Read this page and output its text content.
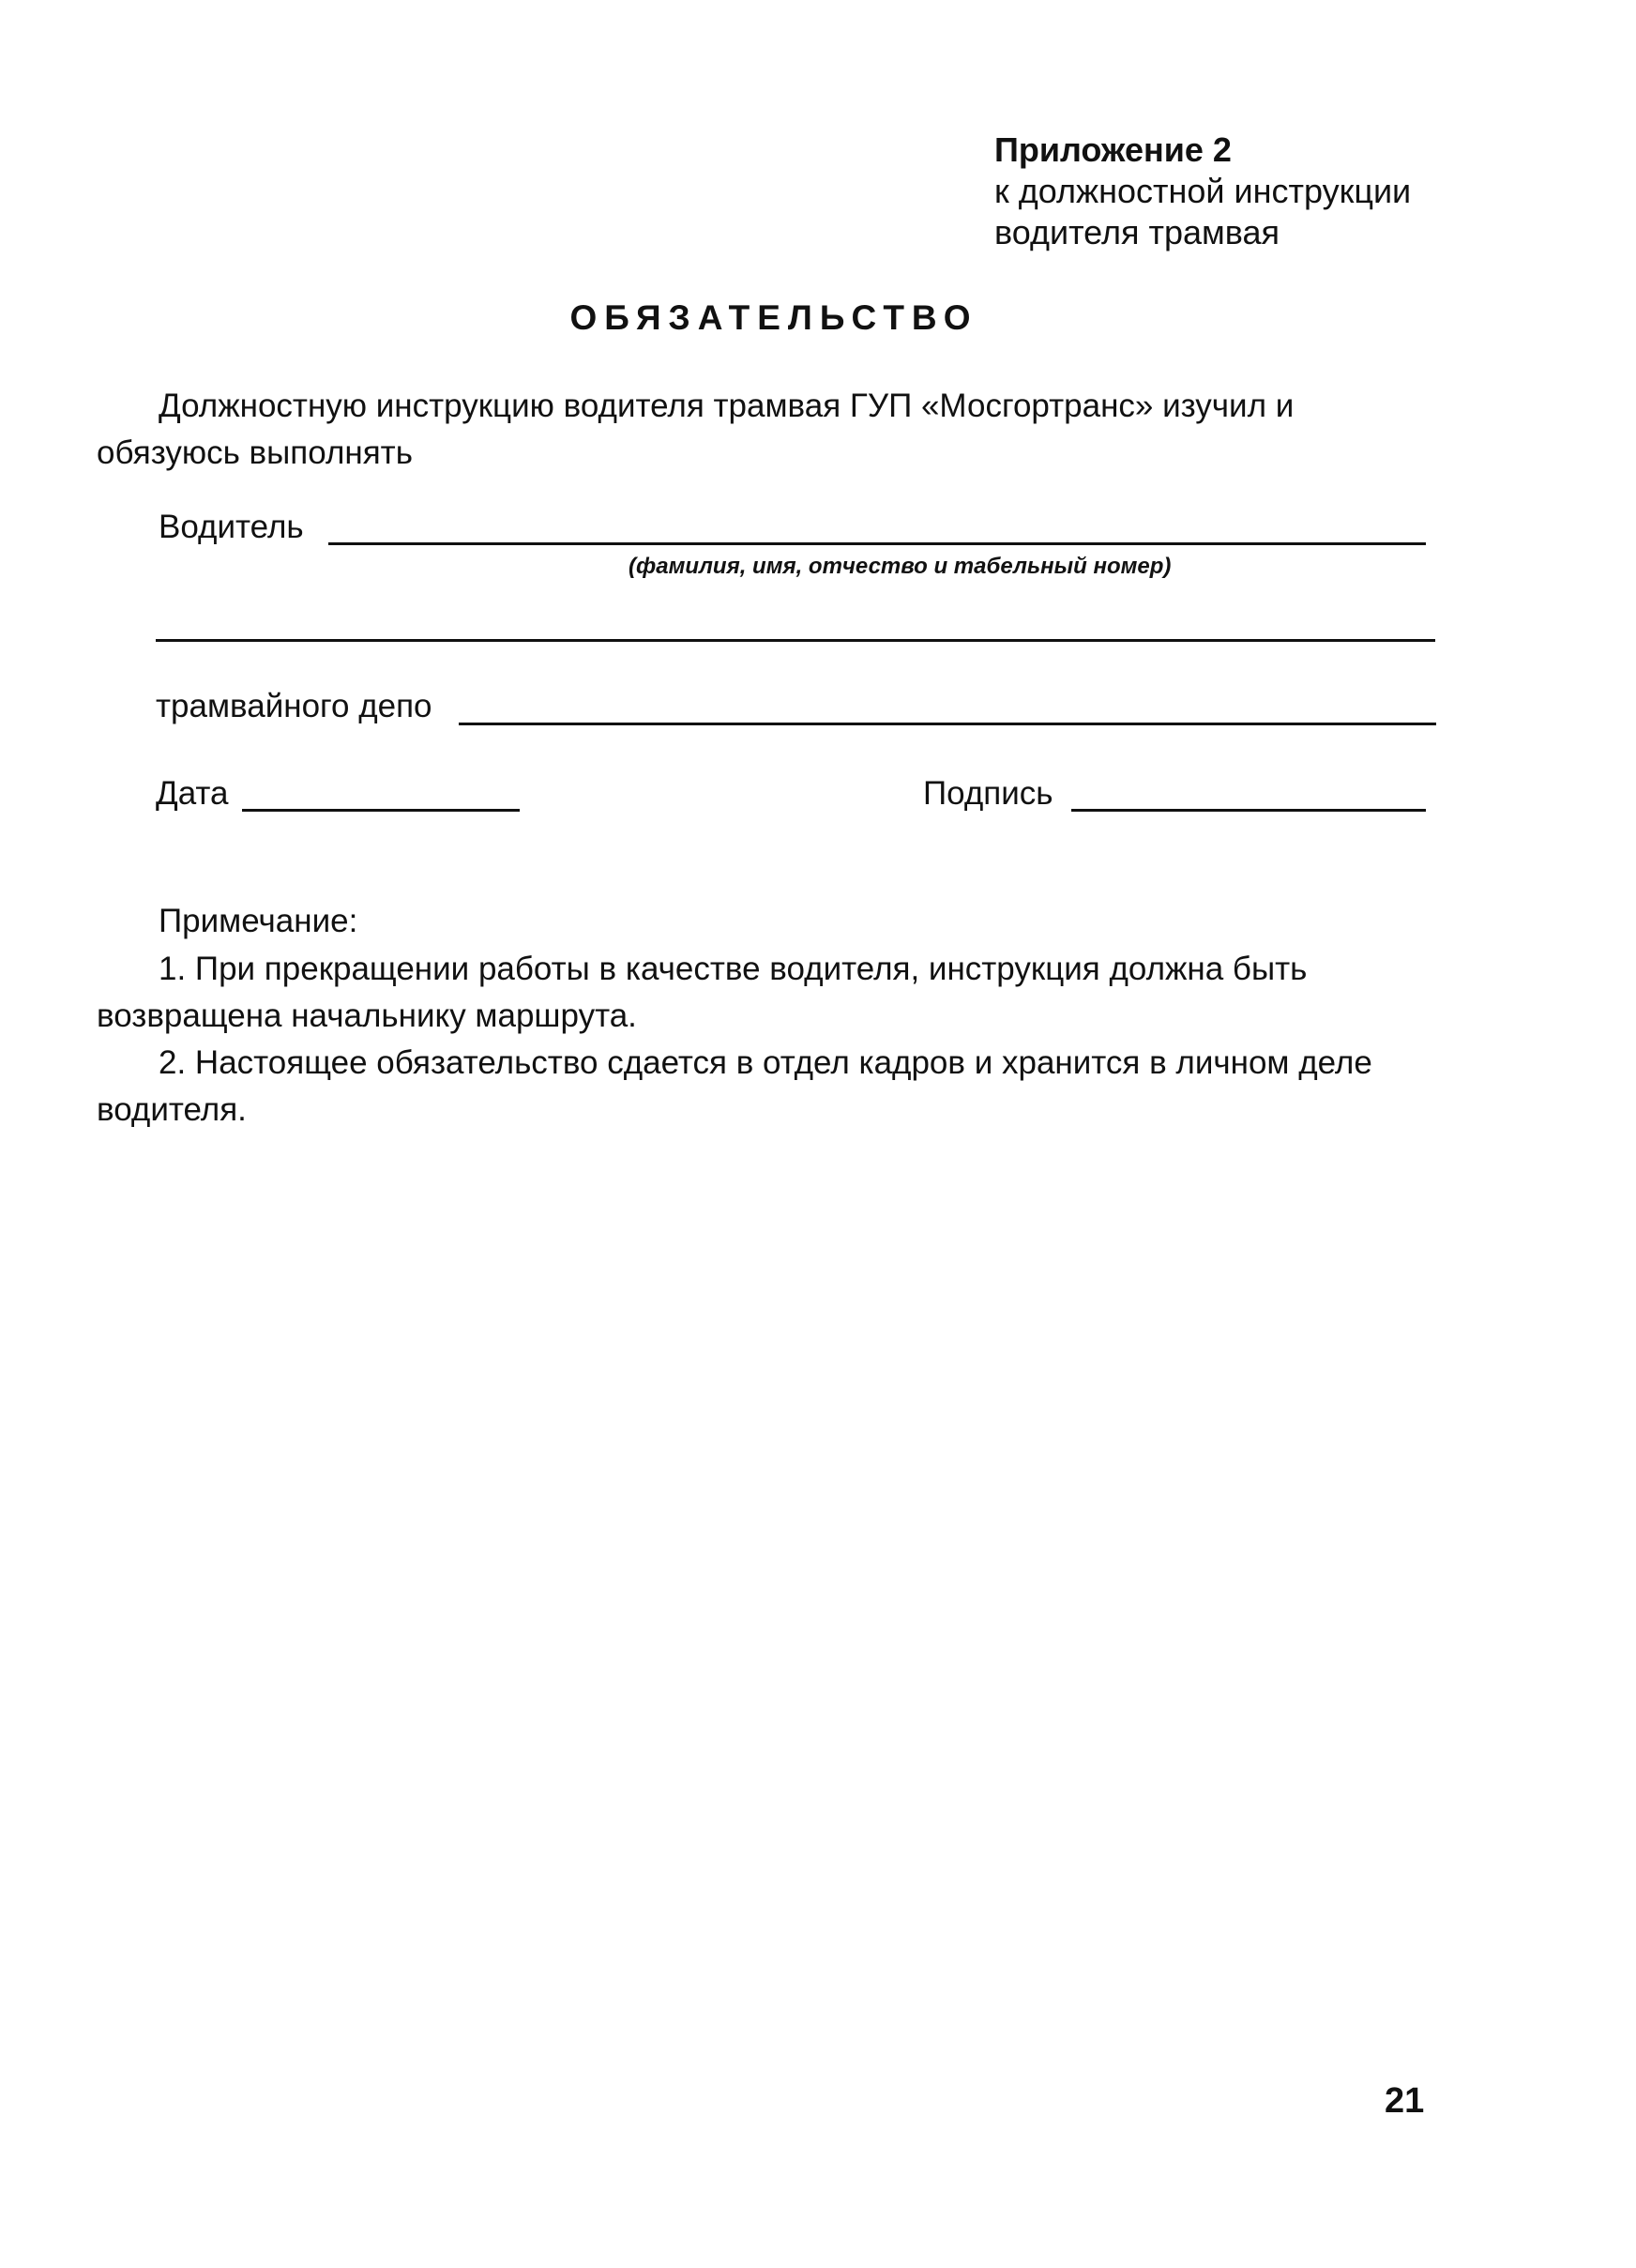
Приложение 2
к должностной инструкции
водителя трамвая
ОБЯЗАТЕЛЬСТВО
Должностную инструкцию водителя трамвая ГУП «Мосгортранс» изучил и обязуюсь выполнять
Водитель
(фамилия, имя, отчество и табельный номер)
трамвайного депо
Дата	Подпись
Примечание:
1. При прекращении работы в качестве водителя, инструкция должна быть возвращена начальнику маршрута.
2. Настоящее обязательство сдается в отдел кадров и хранится в личном деле водителя.
21
